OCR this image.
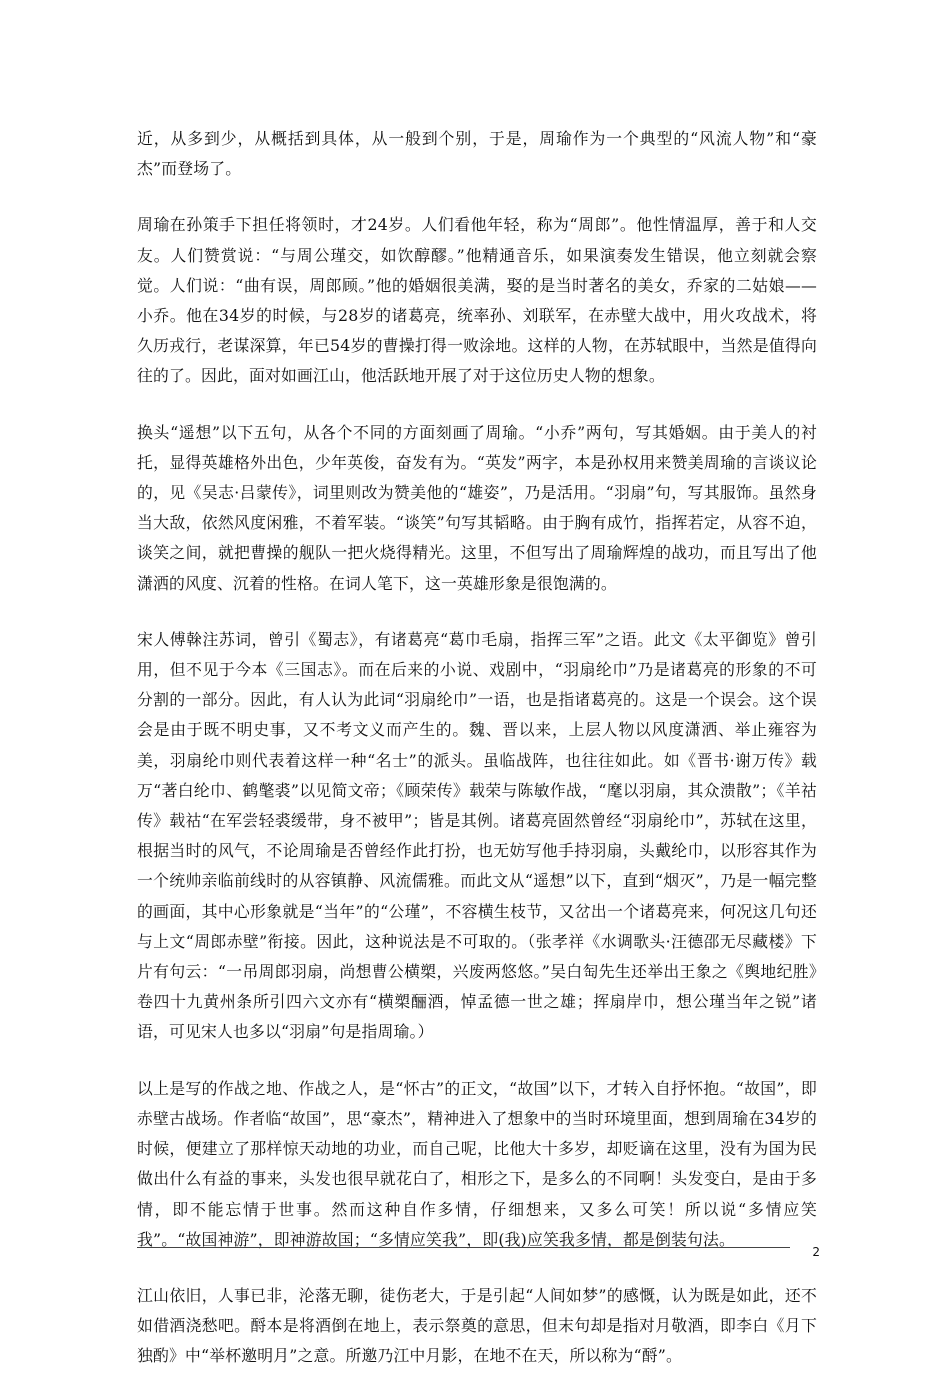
近，从多到少，从概括到具体，从一般到个别，于是，周瑜作为一个典型的“风流人物”和“豪杰”而登场了。

周瑜在孙策手下担任将领时，才24岁。人们看他年轻，称为“周郎”。他性情温厚，善于和人交友。人们赞赏说：“与周公瑾交，如饮醇醪。”他精通音乐，如果演奏发生错误，他立刻就会察觉。人们说：“曲有误，周郎顾。”他的婚姻很美满，娶的是当时著名的美女，乔家的二姑娘——小乔。他在34岁的时候，与28岁的诸葛亮，统率孙、刘联军，在赤壁大战中，用火攻战术，将久历戎行，老谋深算，年已54岁的曹操打得一败涂地。这样的人物，在苏轼眼中，当然是值得向往的了。因此，面对如画江山，他活跃地开展了对于这位历史人物的想象。

换头“遥想”以下五句，从各个不同的方面刻画了周瑜。“小乔”两句，写其婚姻。由于美人的衬托，显得英雄格外出色，少年英俊，奋发有为。“英发”两字，本是孙权用来赞美周瑜的言谈议论的，见《吴志·吕蒙传》，词里则改为赞美他的“雄姿”，乃是活用。“羽扇”句，写其服饰。虽然身当大敌，依然风度闲雅，不着军装。“谈笑”句写其韬略。由于胸有成竹，指挥若定，从容不迫，谈笑之间，就把曹操的舰队一把火烧得精光。这里，不但写出了周瑜辉煌的战功，而且写出了他潇洒的风度、沉着的性格。在词人笔下，这一英雄形象是很饱满的。

宋人傅榦注苏词，曾引《蜀志》，有诸葛亮“葛巾毛扇，指挥三军”之语。此文《太平御览》曾引用，但不见于今本《三国志》。而在后来的小说、戏剧中，“羽扇纶巾”乃是诸葛亮的形象的不可分割的一部分。因此，有人认为此词“羽扇纶巾”一语，也是指诸葛亮的。这是一个误会。这个误会是由于既不明史事，又不考文义而产生的。魏、晋以来，上层人物以风度潇洒、举止雍容为美，羽扇纶巾则代表着这样一种“名士”的派头。虽临战阵，也往往如此。如《晋书·谢万传》载万“著白纶巾、鹤氅裘”以见简文帝；《顾荣传》载荣与陈敏作战，“麾以羽扇，其众溃散”；《羊祜传》载祜“在军尝轻裘缓带，身不被甲”；皆是其例。诸葛亮固然曾经“羽扇纶巾”，苏轼在这里，根据当时的风气，不论周瑜是否曾经作此打扮，也无妨写他手持羽扇，头戴纶巾，以形容其作为一个统帅亲临前线时的从容镇静、风流儒雅。而此文从“遥想”以下，直到“烟灭”，乃是一幅完整的画面，其中心形象就是“当年”的“公瑾”，不容横生枝节，又岔出一个诸葛亮来，何况这几句还与上文“周郎赤壁”衔接。因此，这种说法是不可取的。（张孝祥《水调歌头·汪德邵无尽藏楼》下片有句云：“一吊周郎羽扇，尚想曹公横槊，兴废两悠悠。”吴白匋先生还举出王象之《舆地纪胜》卷四十九黄州条所引四六文亦有“横槊酾酒，悼孟德一世之雄；挥扇岸巾，想公瑾当年之锐”诸语，可见宋人也多以“羽扇”句是指周瑜。）

以上是写的作战之地、作战之人，是“怀古”的正文，“故国”以下，才转入自抒怀抱。“故国”，即赤壁古战场。作者临“故国”，思“豪杰”，精神进入了想象中的当时环境里面，想到周瑜在34岁的时候，便建立了那样惊天动地的功业，而自己呢，比他大十多岁，却贬谪在这里，没有为国为民做出什么有益的事来，头发也很早就花白了，相形之下，是多么的不同啊！头发变白，是由于多情，即不能忘情于世事。然而这种自作多情，仔细想来，又多么可笑！所以说“多情应笑我”。“故国神游”，即神游故国；“多情应笑我”，即(我)应笑我多情，都是倒装句法。

江山依旧，人事已非，沦落无聊，徒伤老大，于是引起“人间如梦”的感慨，认为既是如此，还不如借酒浇愁吧。酹本是将酒倒在地上，表示祭奠的意思，但末句却是指对月敬酒，即李白《月下独酌》中“举杯邀明月”之意。所邀乃江中月影，在地不在天，所以称为“酹”。

2
